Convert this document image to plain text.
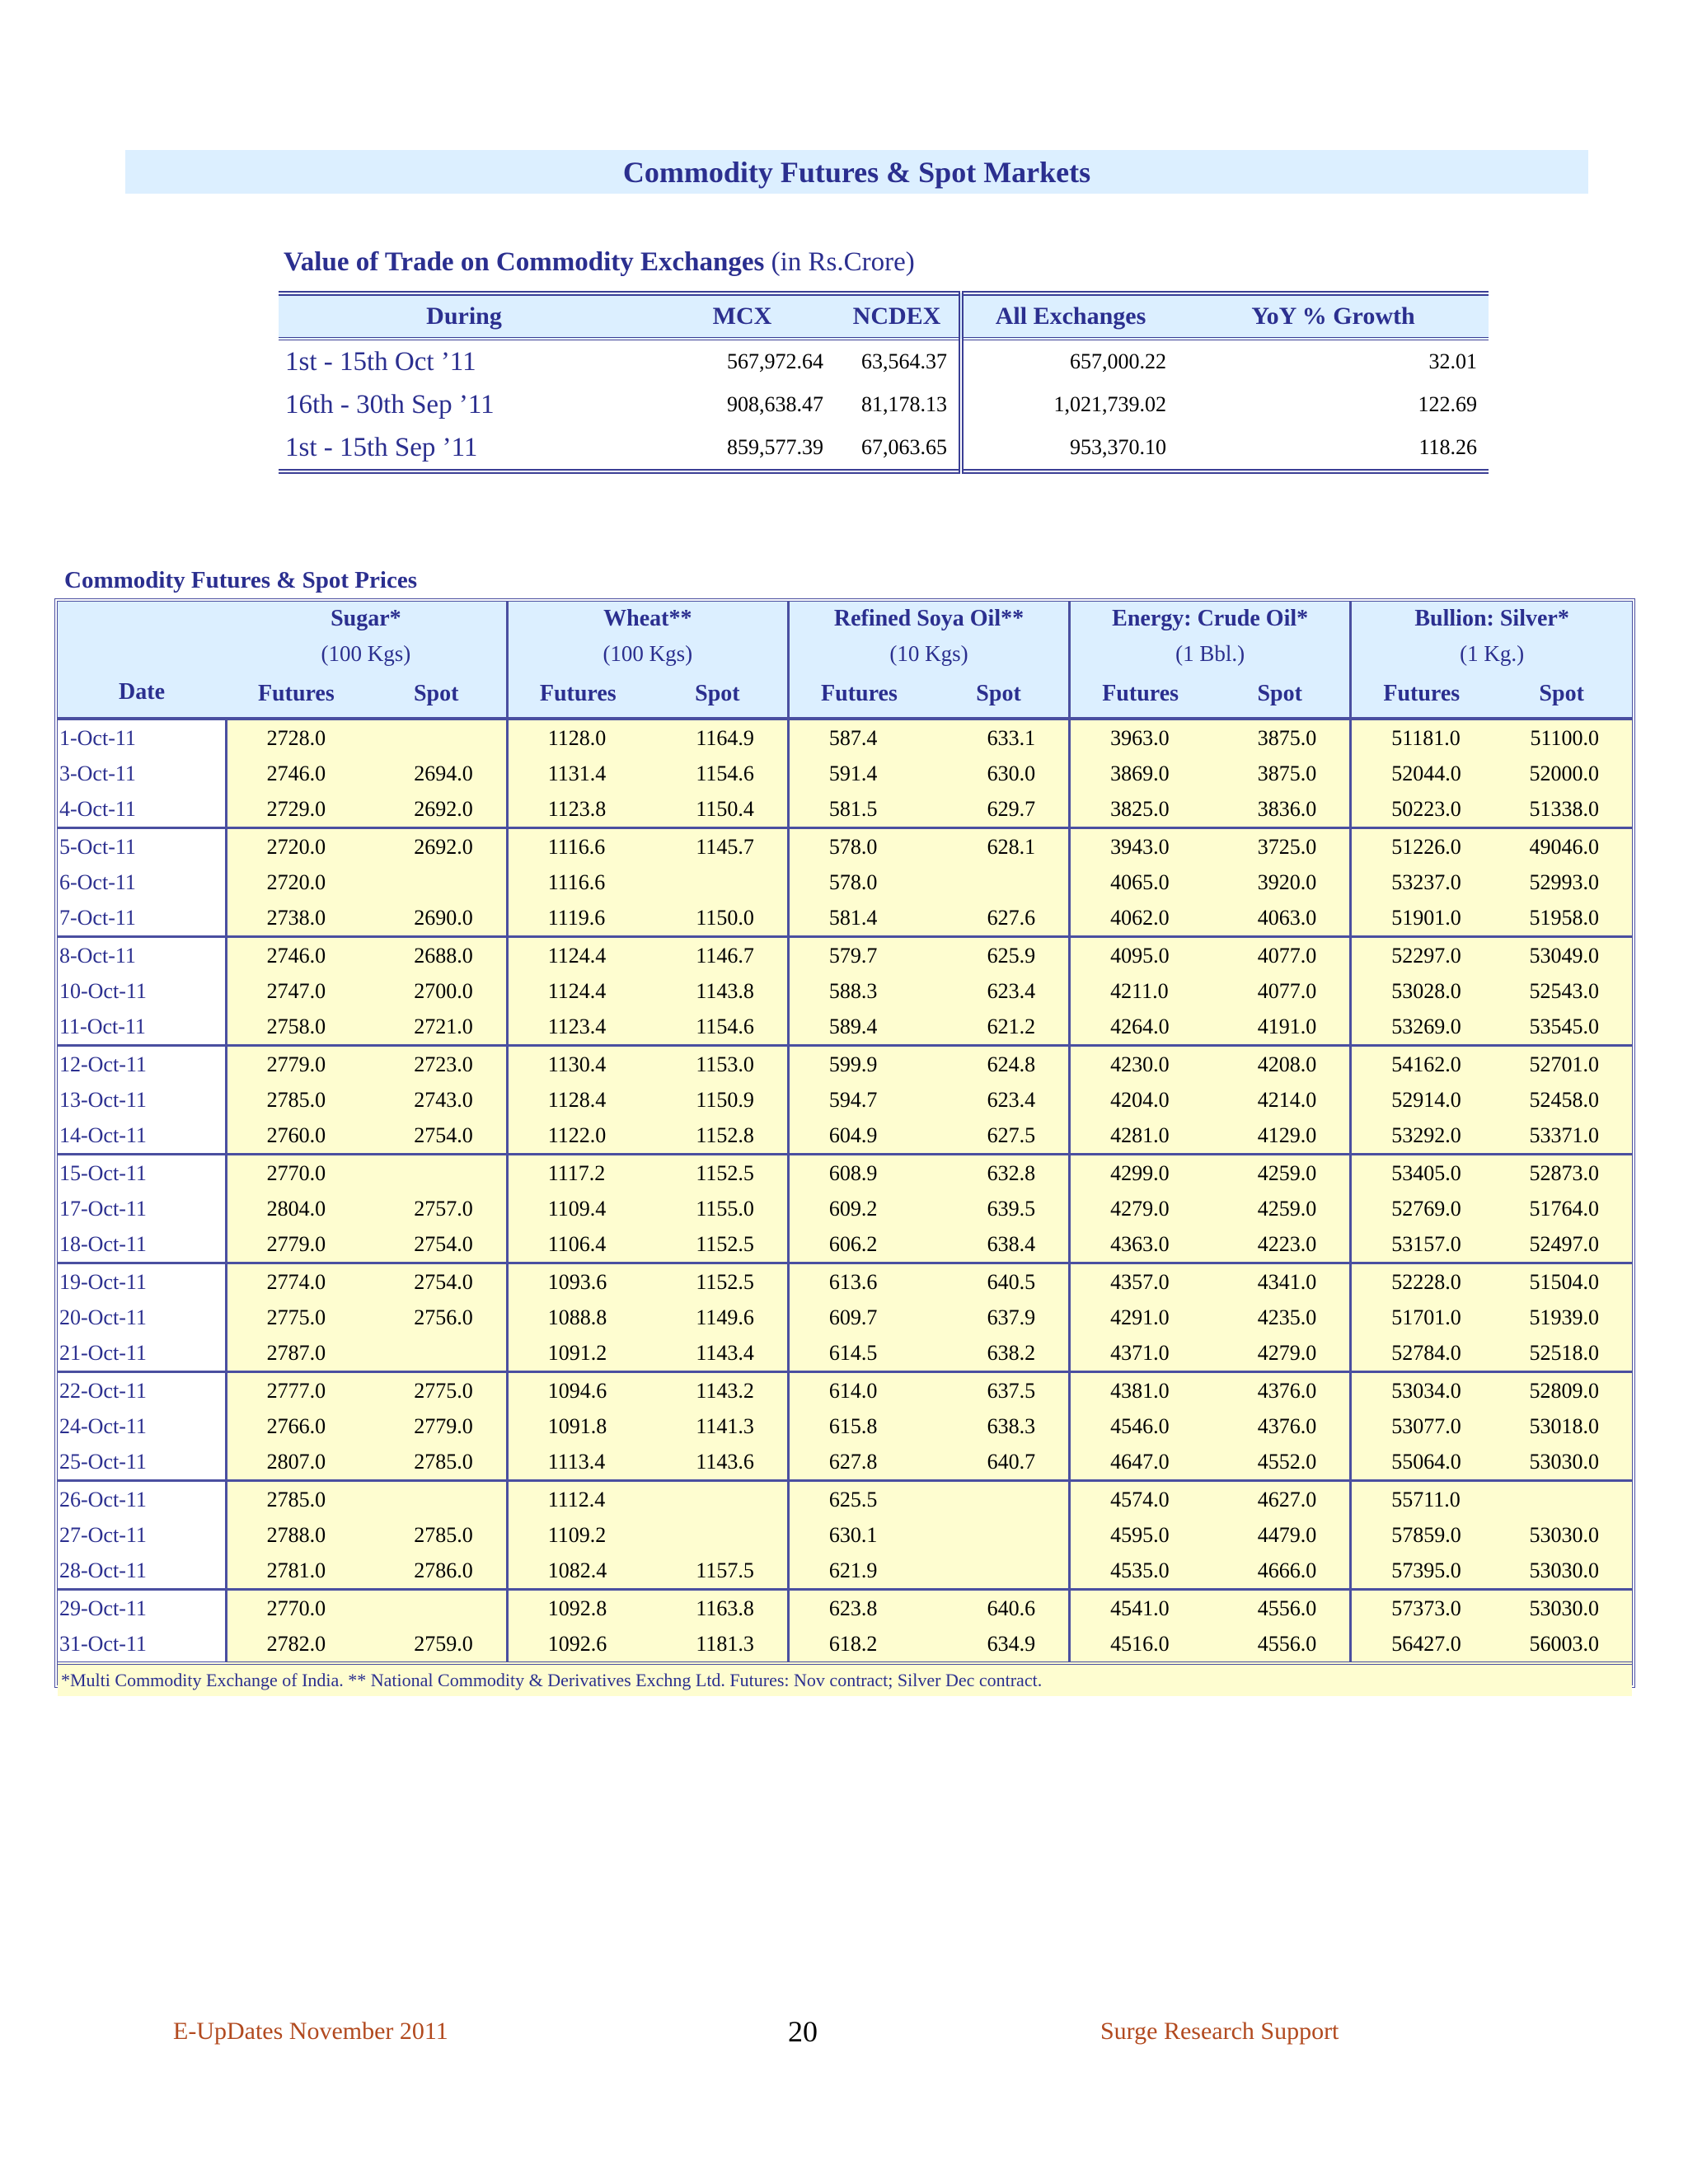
Commodity Futures & Spot Markets
Value of Trade on Commodity Exchanges (in Rs.Crore)
During	MCX	NCDEX	All Exchanges	YoY % Growth
1st - 15th Oct ’11	567,972.64	63,564.37	657,000.22	32.01
16th - 30th Sep ’11	908,638.47	81,178.13	1,021,739.02	122.69
1st - 15th Sep ’11	859,577.39	67,063.65	953,370.10	118.26
Commodity Futures & Spot Prices
	Sugar*		Wheat**		Refined Soya Oil**		Energy: Crude Oil*		Bullion: Silver*	
	(100 Kgs)		(100 Kgs)		(10 Kgs)		(1 Bbl.)		(1 Kg.)	
Date	Futures	Spot	Futures	Spot	Futures	Spot	Futures	Spot	Futures	Spot
1-Oct-11	2728.0		1128.0	1164.9	587.4	633.1	3963.0	3875.0	51181.0	51100.0
3-Oct-11	2746.0	2694.0	1131.4	1154.6	591.4	630.0	3869.0	3875.0	52044.0	52000.0
4-Oct-11	2729.0	2692.0	1123.8	1150.4	581.5	629.7	3825.0	3836.0	50223.0	51338.0
5-Oct-11	2720.0	2692.0	1116.6	1145.7	578.0	628.1	3943.0	3725.0	51226.0	49046.0
6-Oct-11	2720.0		1116.6		578.0		4065.0	3920.0	53237.0	52993.0
7-Oct-11	2738.0	2690.0	1119.6	1150.0	581.4	627.6	4062.0	4063.0	51901.0	51958.0
8-Oct-11	2746.0	2688.0	1124.4	1146.7	579.7	625.9	4095.0	4077.0	52297.0	53049.0
10-Oct-11	2747.0	2700.0	1124.4	1143.8	588.3	623.4	4211.0	4077.0	53028.0	52543.0
11-Oct-11	2758.0	2721.0	1123.4	1154.6	589.4	621.2	4264.0	4191.0	53269.0	53545.0
12-Oct-11	2779.0	2723.0	1130.4	1153.0	599.9	624.8	4230.0	4208.0	54162.0	52701.0
13-Oct-11	2785.0	2743.0	1128.4	1150.9	594.7	623.4	4204.0	4214.0	52914.0	52458.0
14-Oct-11	2760.0	2754.0	1122.0	1152.8	604.9	627.5	4281.0	4129.0	53292.0	53371.0
15-Oct-11	2770.0		1117.2	1152.5	608.9	632.8	4299.0	4259.0	53405.0	52873.0
17-Oct-11	2804.0	2757.0	1109.4	1155.0	609.2	639.5	4279.0	4259.0	52769.0	51764.0
18-Oct-11	2779.0	2754.0	1106.4	1152.5	606.2	638.4	4363.0	4223.0	53157.0	52497.0
19-Oct-11	2774.0	2754.0	1093.6	1152.5	613.6	640.5	4357.0	4341.0	52228.0	51504.0
20-Oct-11	2775.0	2756.0	1088.8	1149.6	609.7	637.9	4291.0	4235.0	51701.0	51939.0
21-Oct-11	2787.0		1091.2	1143.4	614.5	638.2	4371.0	4279.0	52784.0	52518.0
22-Oct-11	2777.0	2775.0	1094.6	1143.2	614.0	637.5	4381.0	4376.0	53034.0	52809.0
24-Oct-11	2766.0	2779.0	1091.8	1141.3	615.8	638.3	4546.0	4376.0	53077.0	53018.0
25-Oct-11	2807.0	2785.0	1113.4	1143.6	627.8	640.7	4647.0	4552.0	55064.0	53030.0
26-Oct-11	2785.0		1112.4		625.5		4574.0	4627.0	55711.0	
27-Oct-11	2788.0	2785.0	1109.2		630.1		4595.0	4479.0	57859.0	53030.0
28-Oct-11	2781.0	2786.0	1082.4	1157.5	621.9		4535.0	4666.0	57395.0	53030.0
29-Oct-11	2770.0		1092.8	1163.8	623.8	640.6	4541.0	4556.0	57373.0	53030.0
31-Oct-11	2782.0	2759.0	1092.6	1181.3	618.2	634.9	4516.0	4556.0	56427.0	56003.0
*Multi Commodity Exchange of India. ** National Commodity & Derivatives Exchng Ltd. Futures: Nov contract; Silver Dec contract.										
E-UpDates November 2011	20	Surge Research Support
